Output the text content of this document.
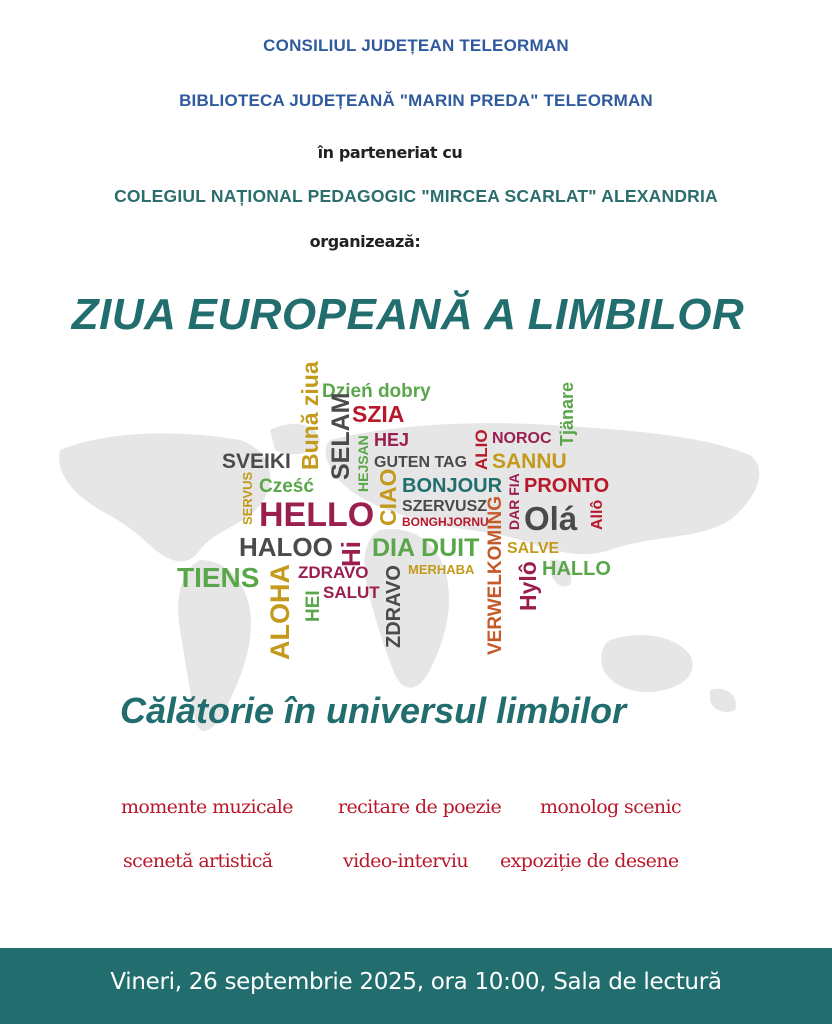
CONSILIUL JUDEȚEAN TELEORMAN
BIBLIOTECA JUDEȚEANĂ "MARIN PREDA" TELEORMAN
în parteneriat cu
COLEGIUL NAȚIONAL PEDAGOGIC "MIRCEA SCARLAT" ALEXANDRIA
organizează:
ZIUA EUROPEANĂ A LIMBILOR
Bună ziua Dzień dobry
SZIA
SELAM HEJ
HEJSAN GUTEN TAG ALIO NOROC Tjänare
SANNU
SVEIKI
Cześć	BONJOUR PRONTO
SERVUS HELLO CIAO SZERVUSZ
BONGHJORNU
VERWELKOMING DAR FIA Olá Allô
HALOO Hi DIA DUIT SALVE
TIENS ALOHA HEI
ZDRAVO
SALUT ZDRAVO MERHABA Hylô HALLO
Călătorie în universul limbilor
momente muzicale recitare de poezie monolog scenic
scenetă artistică	video-interviu expoziție de desene
Vineri, 26 septembrie 2025, ora 10:00, Sala de lectură
